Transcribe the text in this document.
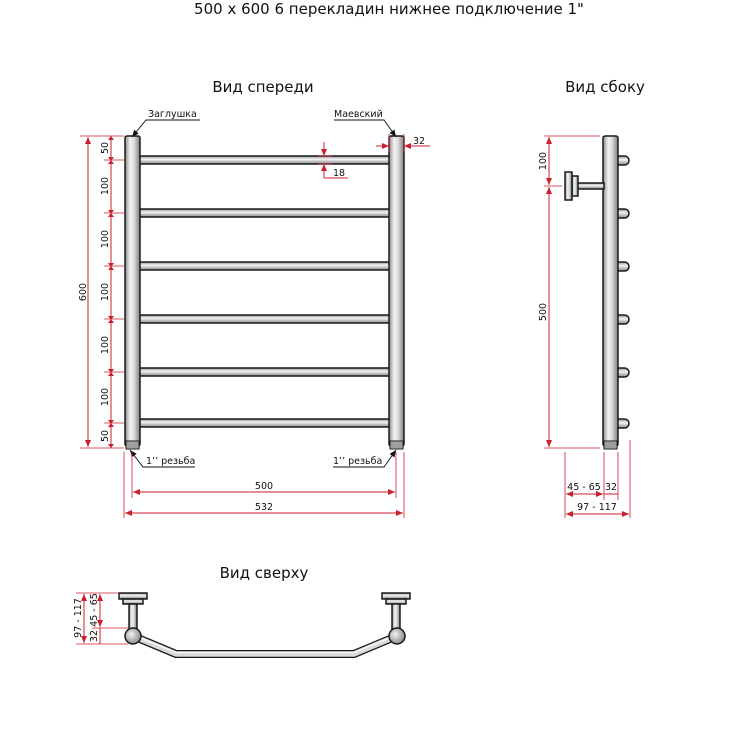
500 x 600 6 перекладин нижнее подключение 1"
Вид спереди
Заглушка	Маевский
1’’ резьба	1’’ резьба
32
18
600
50
100
100
100
100
100
50
500
532
Вид сбоку
100
500
45 - 65 32
97 - 117
Вид сверху
97 - 117 45 - 65
32
